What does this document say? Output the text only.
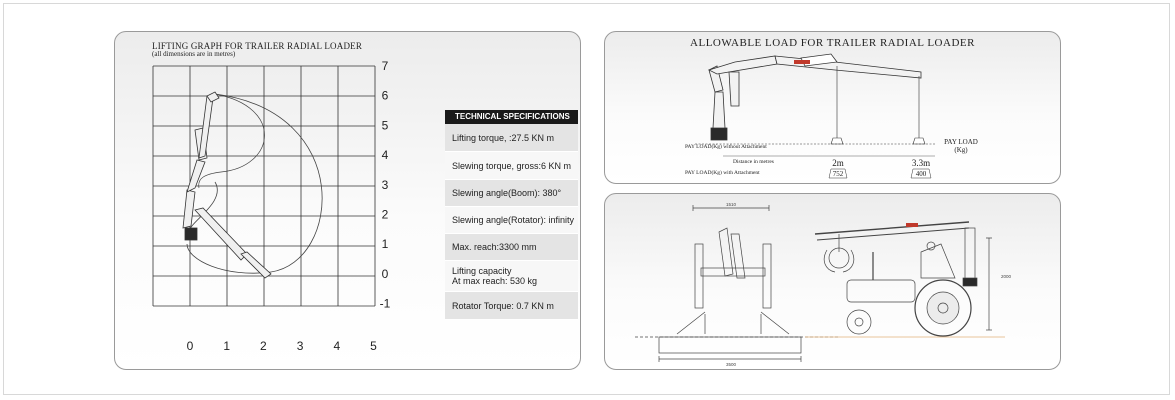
LIFTING GRAPH FOR TRAILER RADIAL LOADER
(all dimensions are in metres)
0	1	2	3	4	5
7
6
5
4
3
2
1
0
-1
TECHNICAL SPECIFICATIONS
Lifting torque, :27.5 KN m
Slewing torque, gross:6 KN m
Slewing angle(Boom): 380°
Slewing angle(Rotator): infinity
Max. reach:3300 mm
Lifting capacity
At max reach: 530 kg
Rotator Torque: 0.7 KN m
ALLOWABLE LOAD FOR TRAILER RADIAL LOADER
PAY LOAD(Kg) without Attachment
Distance in metres
PAY LOAD(Kg) with Attachment
2m	3.3m
752	400
PAY LOAD
(Kg)
1510
3500
2000
